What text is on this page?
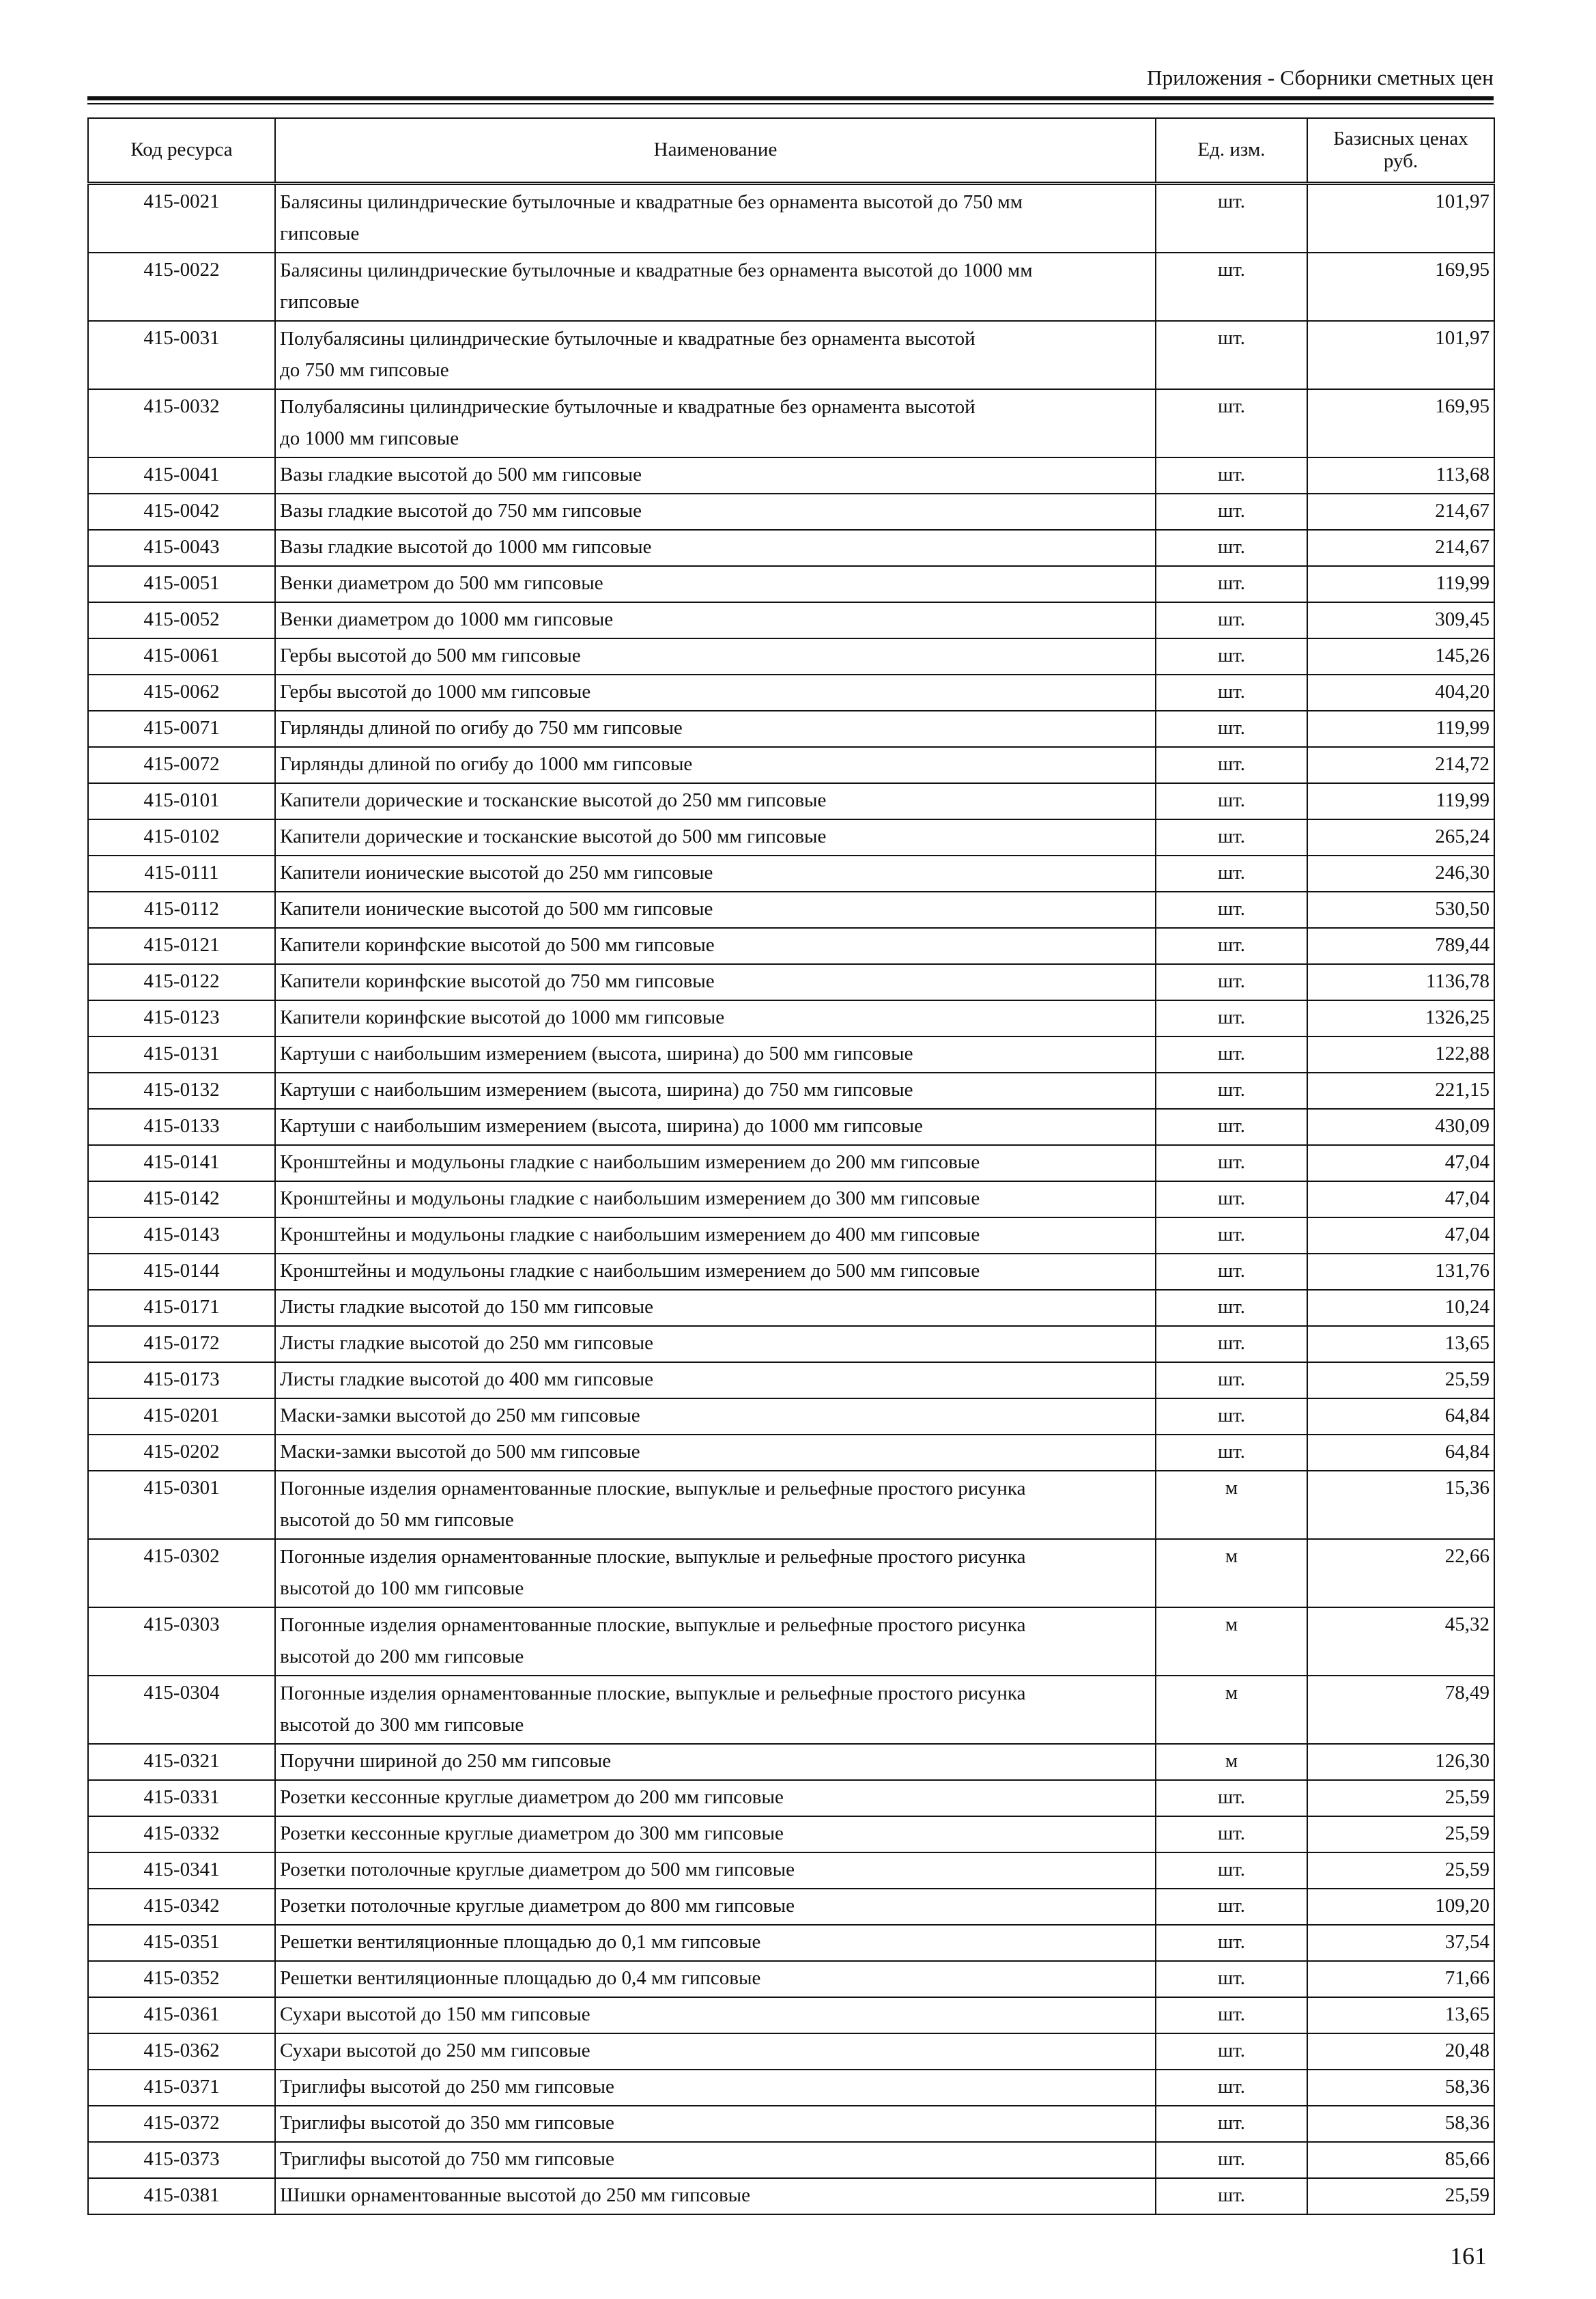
Приложения - Сборники сметных цен
Код ресурса	Наименование	Ед. изм.	Базисных ценах
руб.
415-0021	Балясины цилиндрические бутылочные и квадратные без орнамента высотой до 750 мм
гипсовые	шт.	101,97
415-0022	Балясины цилиндрические бутылочные и квадратные без орнамента высотой до 1000 мм
гипсовые	шт.	169,95
415-0031	Полубалясины цилиндрические бутылочные и квадратные без орнамента высотой
до 750 мм гипсовые	шт.	101,97
415-0032	Полубалясины цилиндрические бутылочные и квадратные без орнамента высотой
до 1000 мм гипсовые	шт.	169,95
415-0041	Вазы гладкие высотой до 500 мм гипсовые	шт.	113,68
415-0042	Вазы гладкие высотой до 750 мм гипсовые	шт.	214,67
415-0043	Вазы гладкие высотой до 1000 мм гипсовые	шт.	214,67
415-0051	Венки диаметром до 500 мм гипсовые	шт.	119,99
415-0052	Венки диаметром до 1000 мм гипсовые	шт.	309,45
415-0061	Гербы высотой до 500 мм гипсовые	шт.	145,26
415-0062	Гербы высотой до 1000 мм гипсовые	шт.	404,20
415-0071	Гирлянды длиной по огибу до 750 мм гипсовые	шт.	119,99
415-0072	Гирлянды длиной по огибу до 1000 мм гипсовые	шт.	214,72
415-0101	Капители дорические и тосканские высотой до 250 мм гипсовые	шт.	119,99
415-0102	Капители дорические и тосканские высотой до 500 мм гипсовые	шт.	265,24
415-0111	Капители ионические высотой до 250 мм гипсовые	шт.	246,30
415-0112	Капители ионические высотой до 500 мм гипсовые	шт.	530,50
415-0121	Капители коринфские высотой до 500 мм гипсовые	шт.	789,44
415-0122	Капители коринфские высотой до 750 мм гипсовые	шт.	1136,78
415-0123	Капители коринфские высотой до 1000 мм гипсовые	шт.	1326,25
415-0131	Картуши с наибольшим измерением (высота, ширина) до 500 мм гипсовые	шт.	122,88
415-0132	Картуши с наибольшим измерением (высота, ширина) до 750 мм гипсовые	шт.	221,15
415-0133	Картуши с наибольшим измерением (высота, ширина) до 1000 мм гипсовые	шт.	430,09
415-0141	Кронштейны и модульоны гладкие с наибольшим измерением до 200 мм гипсовые	шт.	47,04
415-0142	Кронштейны и модульоны гладкие с наибольшим измерением до 300 мм гипсовые	шт.	47,04
415-0143	Кронштейны и модульоны гладкие с наибольшим измерением до 400 мм гипсовые	шт.	47,04
415-0144	Кронштейны и модульоны гладкие с наибольшим измерением до 500 мм гипсовые	шт.	131,76
415-0171	Листы гладкие высотой до 150 мм гипсовые	шт.	10,24
415-0172	Листы гладкие высотой до 250 мм гипсовые	шт.	13,65
415-0173	Листы гладкие высотой до 400 мм гипсовые	шт.	25,59
415-0201	Маски-замки высотой до 250 мм гипсовые	шт.	64,84
415-0202	Маски-замки высотой до 500 мм гипсовые	шт.	64,84
415-0301	Погонные изделия орнаментованные плоские, выпуклые и рельефные простого рисунка
высотой до 50 мм гипсовые	м	15,36
415-0302	Погонные изделия орнаментованные плоские, выпуклые и рельефные простого рисунка
высотой до 100 мм гипсовые	м	22,66
415-0303	Погонные изделия орнаментованные плоские, выпуклые и рельефные простого рисунка
высотой до 200 мм гипсовые	м	45,32
415-0304	Погонные изделия орнаментованные плоские, выпуклые и рельефные простого рисунка
высотой до 300 мм гипсовые	м	78,49
415-0321	Поручни шириной до 250 мм гипсовые	м	126,30
415-0331	Розетки кессонные круглые диаметром до 200 мм гипсовые	шт.	25,59
415-0332	Розетки кессонные круглые диаметром до 300 мм гипсовые	шт.	25,59
415-0341	Розетки потолочные круглые диаметром до 500 мм гипсовые	шт.	25,59
415-0342	Розетки потолочные круглые диаметром до 800 мм гипсовые	шт.	109,20
415-0351	Решетки вентиляционные площадью до 0,1 мм гипсовые	шт.	37,54
415-0352	Решетки вентиляционные площадью до 0,4 мм гипсовые	шт.	71,66
415-0361	Сухари высотой до 150 мм гипсовые	шт.	13,65
415-0362	Сухари высотой до 250 мм гипсовые	шт.	20,48
415-0371	Триглифы высотой до 250 мм гипсовые	шт.	58,36
415-0372	Триглифы высотой до 350 мм гипсовые	шт.	58,36
415-0373	Триглифы высотой до 750 мм гипсовые	шт.	85,66
415-0381	Шишки орнаментованные высотой до 250 мм гипсовые	шт.	25,59
161
